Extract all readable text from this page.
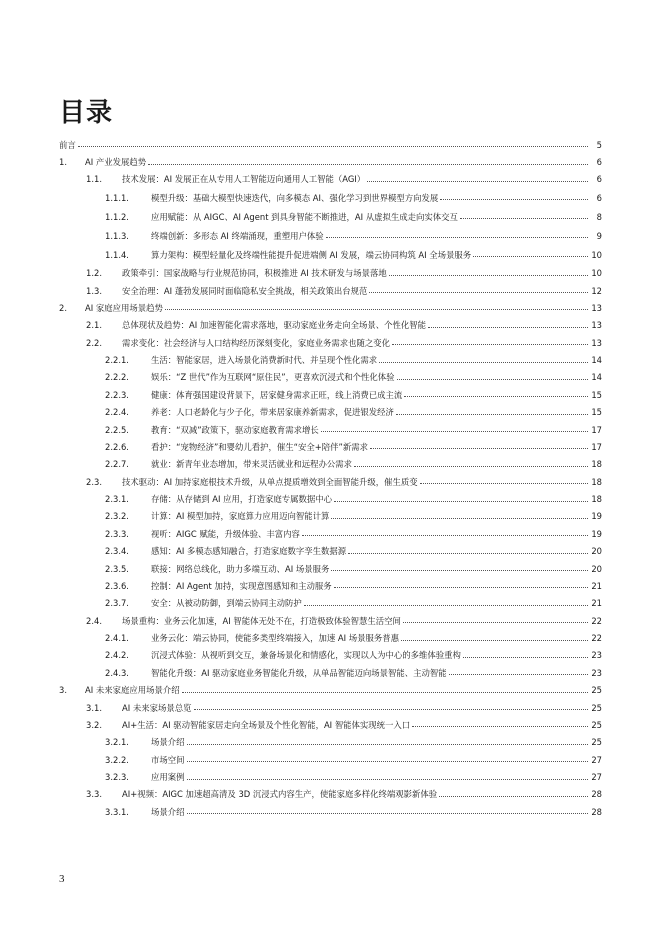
目录
前言	5
1. AI 产业发展趋势	6
1.1. 技术发展：AI 发展正在从专用人工智能迈向通用人工智能（AGI）	6
1.1.1.	模型升级：基础大模型快速迭代，向多模态 AI、强化学习到世界模型方向发展	6
1.1.2.	应用赋能：从 AIGC、AI Agent 到具身智能不断推进，AI 从虚拟生成走向实体交互	8
1.1.3.	终端创新：多形态 AI 终端涌现，重塑用户体验	9
1.1.4.	算力架构：模型轻量化及终端性能提升促进端侧 AI 发展，端云协同构筑 AI 全场景服务	10
1.2. 政策牵引：国家战略与行业规范协同，积极推进 AI 技术研发与场景落地	10
1.3. 安全治理：AI 蓬勃发展同时面临隐私安全挑战，相关政策出台规范	12
2. AI 家庭应用场景趋势	13
2.1. 总体现状及趋势：AI 加速智能化需求落地，驱动家庭业务走向全场景、个性化智能	13
2.2. 需求变化：社会经济与人口结构经历深刻变化，家庭业务需求也随之变化	13
2.2.1.	生活：智能家居，进入场景化消费新时代、并呈现个性化需求	14
2.2.2.	娱乐：“Z 世代”作为互联网“原住民”，更喜欢沉浸式和个性化体验	14
2.2.3.	健康：体育强国建设背景下，居家健身需求正旺，线上消费已成主流	15
2.2.4.	养老：人口老龄化与少子化，带来居家康养新需求，促进银发经济	15
2.2.5.	教育：“双减”政策下，驱动家庭教育需求增长	17
2.2.6.	看护：“宠物经济”和婴幼儿看护，催生“安全+陪伴”新需求	17
2.2.7.	就业：新青年业态增加，带来灵活就业和远程办公需求	18
2.3. 技术驱动：AI 加持家庭根技术升级，从单点提质增效到全面智能升级，催生质变	18
2.3.1.	存储：从存储到 AI 应用，打造家庭专属数据中心	18
2.3.2.	计算：AI 模型加持，家庭算力应用迈向智能计算	19
2.3.3.	视听：AIGC 赋能，升级体验、丰富内容	19
2.3.4.	感知：AI 多模态感知融合，打造家庭数字孪生数据源	20
2.3.5.	联接：网络总线化，助力多端互动、AI 场景服务	20
2.3.6.	控制：AI Agent 加持，实现意图感知和主动服务	21
2.3.7.	安全：从被动防御，到端云协同主动防护	21
2.4. 场景重构：业务云化加速，AI 智能体无处不在，打造极致体验智慧生活空间	22
2.4.1.	业务云化：端云协同，使能多类型终端接入，加速 AI 场景服务普惠	22
2.4.2.	沉浸式体验：从视听到交互，兼备场景化和情感化，实现以人为中心的多维体验重构	23
2.4.3.	智能化升级：AI 驱动家庭业务智能化升级，从单品智能迈向场景智能、主动智能	23
3. AI 未来家庭应用场景介绍	25
3.1. AI 未来家场景总览	25
3.2. AI+生活：AI 驱动智能家居走向全场景及个性化智能，AI 智能体实现统一入口	25
3.2.1.	场景介绍	25
3.2.2.	市场空间	27
3.2.3.	应用案例	27
3.3. AI+视频：AIGC 加速超高清及 3D 沉浸式内容生产，使能家庭多样化终端观影新体验	28
3.3.1.	场景介绍	28
3
